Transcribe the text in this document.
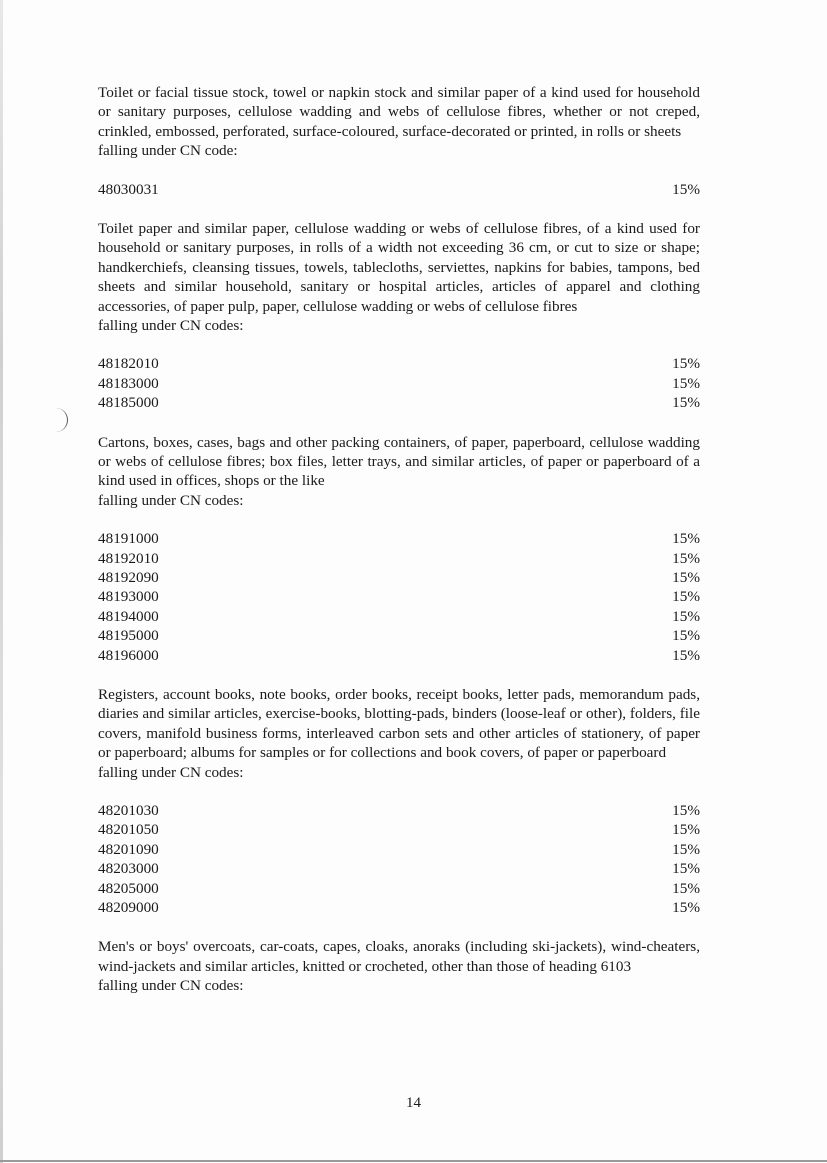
Toilet or facial tissue stock, towel or napkin stock and similar paper of a kind used for household or sanitary purposes, cellulose wadding and webs of cellulose fibres, whether or not creped, crinkled, embossed, perforated, surface-coloured, surface-decorated or printed, in rolls or sheets

falling under CN code:

48030031	15%

Toilet paper and similar paper, cellulose wadding or webs of cellulose fibres, of a kind used for household or sanitary purposes, in rolls of a width not exceeding 36 cm, or cut to size or shape; handkerchiefs, cleansing tissues, towels, tablecloths, serviettes, napkins for babies, tampons, bed sheets and similar household, sanitary or hospital articles, articles of apparel and clothing accessories, of paper pulp, paper, cellulose wadding or webs of cellulose fibres

falling under CN codes:

48182010	15%
48183000	15%
48185000	15%

Cartons, boxes, cases, bags and other packing containers, of paper, paperboard, cellulose wadding or webs of cellulose fibres; box files, letter trays, and similar articles, of paper or paperboard of a kind used in offices, shops or the like

falling under CN codes:

48191000	15%
48192010	15%
48192090	15%
48193000	15%
48194000	15%
48195000	15%
48196000	15%

Registers, account books, note books, order books, receipt books, letter pads, memorandum pads, diaries and similar articles, exercise-books, blotting-pads, binders (loose-leaf or other), folders, file covers, manifold business forms, interleaved carbon sets and other articles of stationery, of paper or paperboard; albums for samples or for collections and book covers, of paper or paperboard

falling under CN codes:

48201030	15%
48201050	15%
48201090	15%
48203000	15%
48205000	15%
48209000	15%

Men's or boys' overcoats, car-coats, capes, cloaks, anoraks (including ski-jackets), wind-cheaters, wind-jackets and similar articles, knitted or crocheted, other than those of heading 6103

falling under CN codes:

14
